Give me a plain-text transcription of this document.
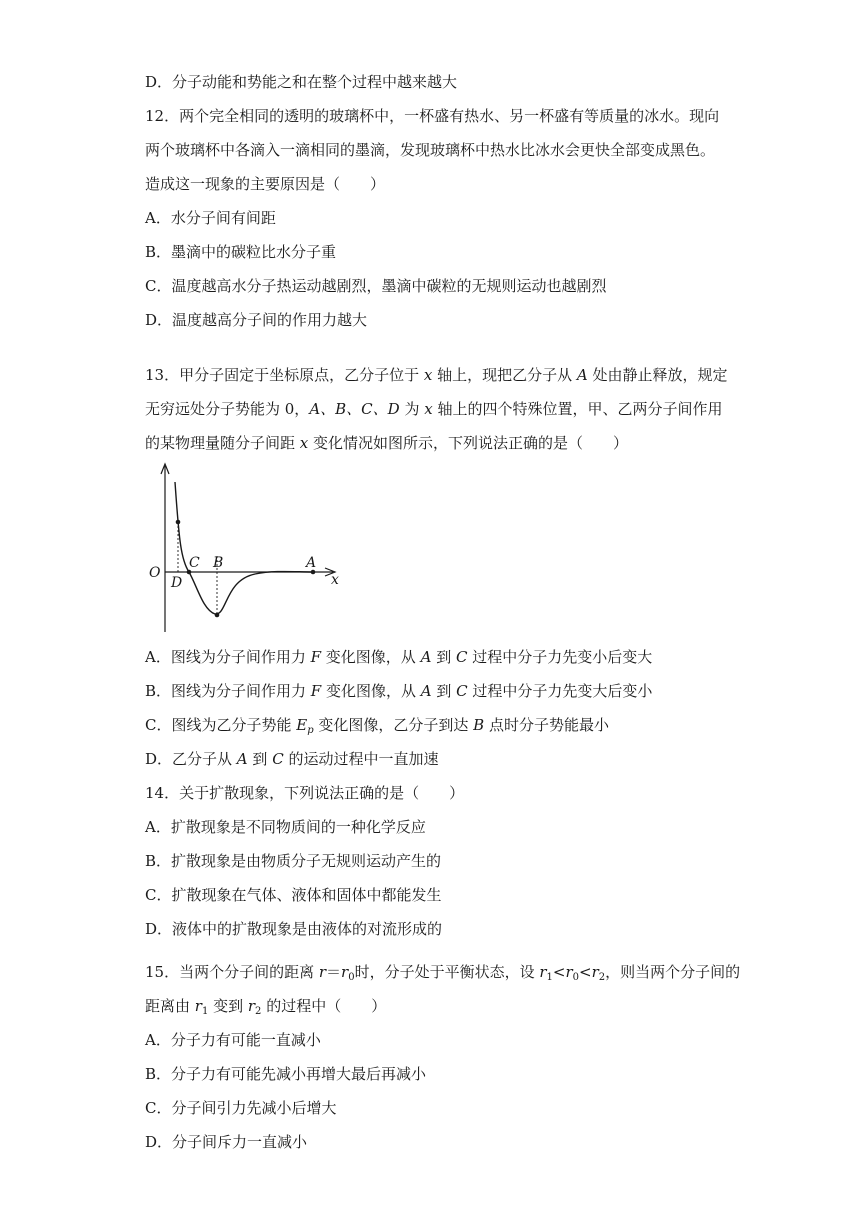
D．分子动能和势能之和在整个过程中越来越大
12．两个完全相同的透明的玻璃杯中，一杯盛有热水、另一杯盛有等质量的冰水。现向
两个玻璃杯中各滴入一滴相同的墨滴，发现玻璃杯中热水比冰水会更快全部变成黑色。
造成这一现象的主要原因是（　　）
A．水分子间有间距
B．墨滴中的碳粒比水分子重
C．温度越高水分子热运动越剧烈，墨滴中碳粒的无规则运动也越剧烈
D．温度越高分子间的作用力越大
13．甲分子固定于坐标原点，乙分子位于 x 轴上，现把乙分子从 A 处由静止释放，规定
无穷远处分子势能为 0，A、B、C、D 为 x 轴上的四个特殊位置，甲、乙两分子间作用
的某物理量随分子间距 x 变化情况如图所示，下列说法正确的是（　　）
O
C B	A
D	x
A．图线为分子间作用力 F 变化图像，从 A 到 C 过程中分子力先变小后变大
B．图线为分子间作用力 F 变化图像，从 A 到 C 过程中分子力先变大后变小
C．图线为乙分子势能 $E_p$ 变化图像，乙分子到达 B 点时分子势能最小
D．乙分子从 A 到 C 的运动过程中一直加速
14．关于扩散现象，下列说法正确的是（　　）
A．扩散现象是不同物质间的一种化学反应
B．扩散现象是由物质分子无规则运动产生的
C．扩散现象在气体、液体和固体中都能发生
D．液体中的扩散现象是由液体的对流形成的
15．当两个分子间的距离 $r=r_0$时，分子处于平衡状态，设 $r_1<r_0<r_2$，则当两个分子间的
距离由 $r_1$ 变到 $r_2$ 的过程中（　　）
A．分子力有可能一直减小
B．分子力有可能先减小再增大最后再减小
C．分子间引力先减小后增大
D．分子间斥力一直减小
